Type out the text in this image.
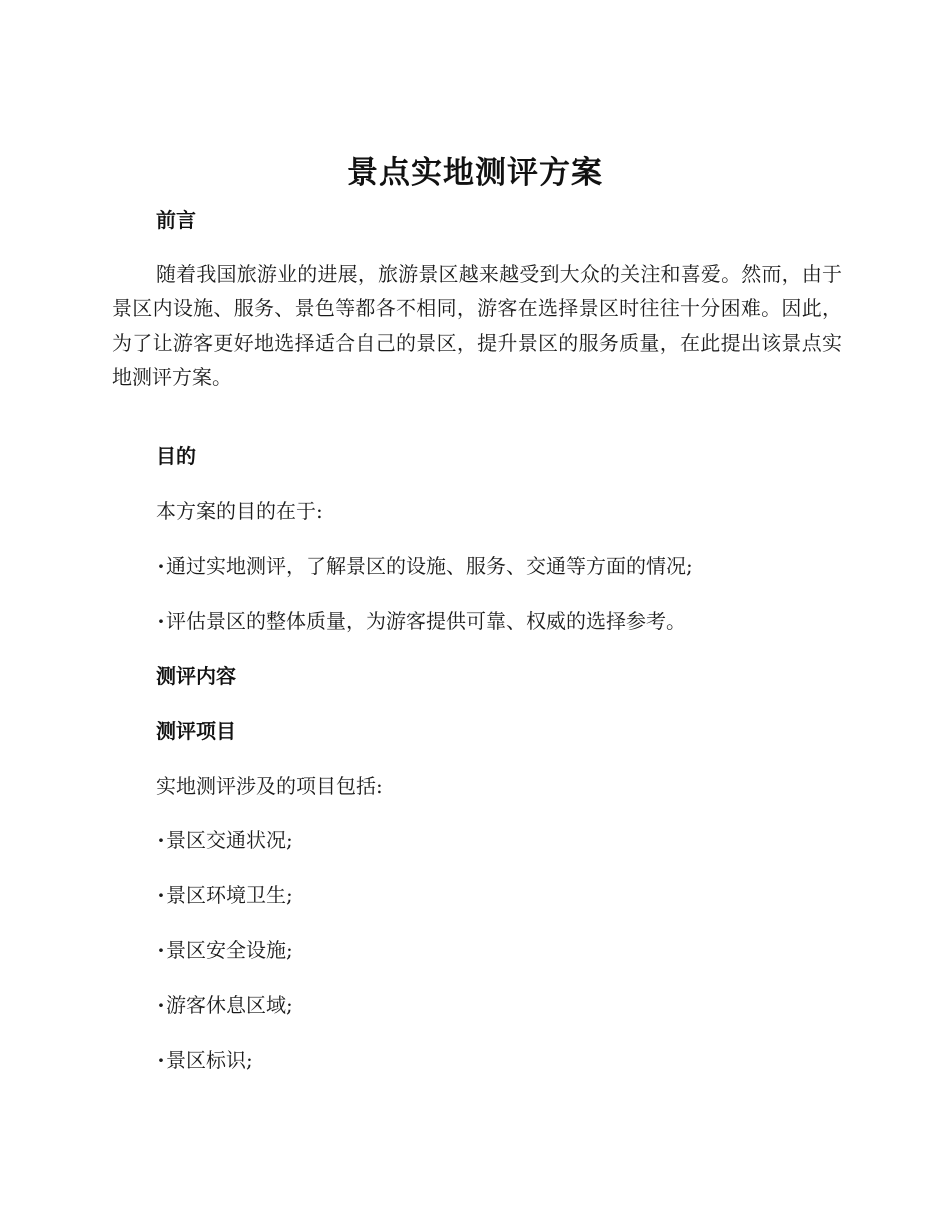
景点实地测评方案
前言
随着我国旅游业的进展，旅游景区越来越受到大众的关注和喜爱。然而，由于景区内设施、服务、景色等都各不相同，游客在选择景区时往往十分困难。因此，为了让游客更好地选择适合自己的景区，提升景区的服务质量，在此提出该景点实地测评方案。
目的
本方案的目的在于:
·通过实地测评，了解景区的设施、服务、交通等方面的情况;
·评估景区的整体质量，为游客提供可靠、权威的选择参考。
测评内容
测评项目
实地测评涉及的项目包括:
·景区交通状况;
·景区环境卫生;
·景区安全设施;
·游客休息区域;
·景区标识;
